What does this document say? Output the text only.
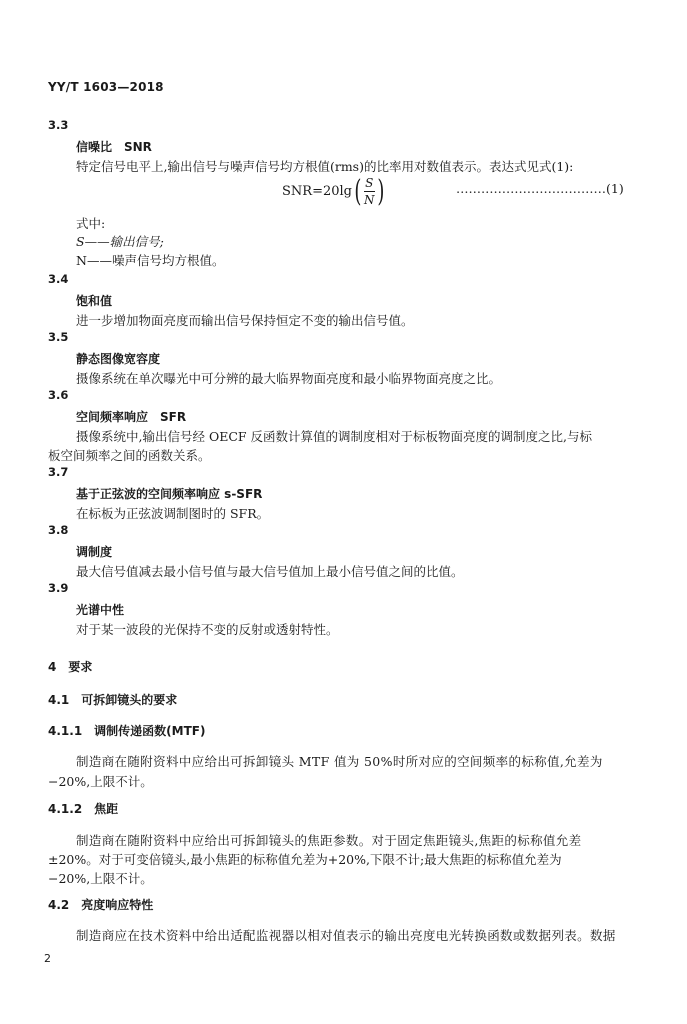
YY/T 1603—2018
3.3
信噪比　SNR
特定信号电平上,输出信号与噪声信号均方根值(rms)的比率用对数值表示。表达式见式(1):
SNR=20lg ( $\frac{S}{N}$ )	………………………………(1)
式中:
S——输出信号;
N——噪声信号均方根值。
3.4
饱和值
进一步增加物面亮度而输出信号保持恒定不变的输出信号值。
3.5
静态图像宽容度
摄像系统在单次曝光中可分辨的最大临界物面亮度和最小临界物面亮度之比。
3.6
空间频率响应　SFR
摄像系统中,输出信号经 OECF 反函数计算值的调制度相对于标板物面亮度的调制度之比,与标
板空间频率之间的函数关系。
3.7
基于正弦波的空间频率响应 s-SFR
在标板为正弦波调制图时的 SFR。
3.8
调制度
最大信号值减去最小信号值与最大信号值加上最小信号值之间的比值。
3.9
光谱中性
对于某一波段的光保持不变的反射或透射特性。
4　要求
4.1　可拆卸镜头的要求
4.1.1　调制传递函数(MTF)
制造商在随附资料中应给出可拆卸镜头 MTF 值为 50%时所对应的空间频率的标称值,允差为
−20%,上限不计。
4.1.2　焦距
制造商在随附资料中应给出可拆卸镜头的焦距参数。对于固定焦距镜头,焦距的标称值允差
±20%。对于可变倍镜头,最小焦距的标称值允差为+20%,下限不计;最大焦距的标称值允差为
−20%,上限不计。
4.2　亮度响应特性
制造商应在技术资料中给出适配监视器以相对值表示的输出亮度电光转换函数或数据列表。数据
2
